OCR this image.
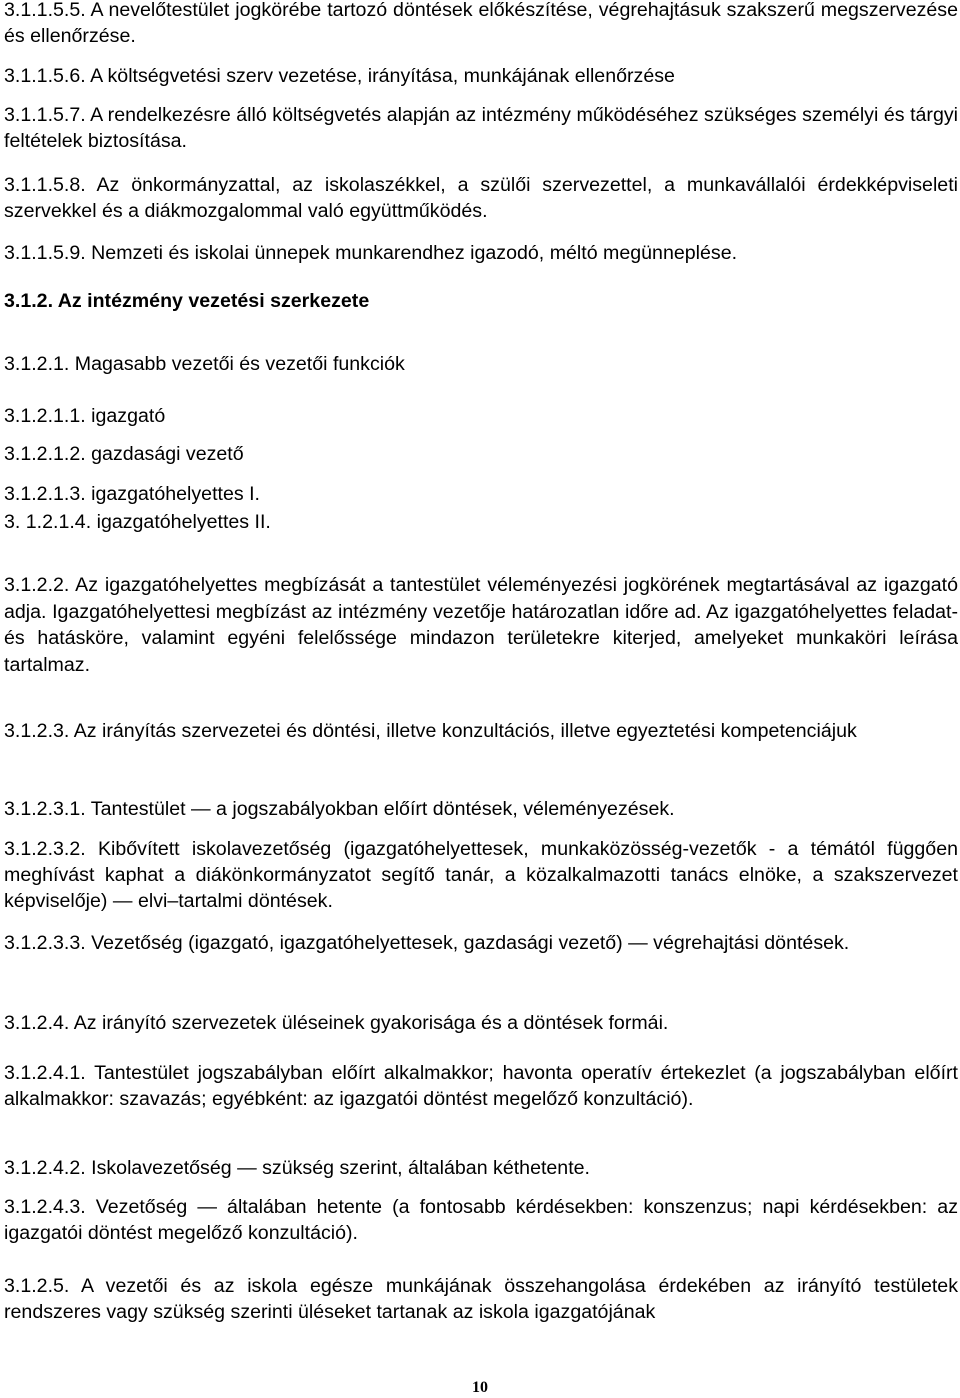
3.1.1.5.5. A nevelőtestület jogkörébe tartozó döntések előkészítése, végrehajtásuk szakszerű megszervezése és ellenőrzése.

3.1.1.5.6. A költségvetési szerv vezetése, irányítása, munkájának ellenőrzése

3.1.1.5.7. A rendelkezésre álló költségvetés alapján az intézmény működéséhez szükséges személyi és tárgyi feltételek biztosítása.

3.1.1.5.8. Az önkormányzattal, az iskolaszékkel, a szülői szervezettel, a munkavállalói érdekképviseleti szervekkel és a diákmozgalommal való együttműködés.

3.1.1.5.9. Nemzeti és iskolai ünnepek munkarendhez igazodó, méltó megünneplése.

3.1.2. Az intézmény vezetési szerkezete

3.1.2.1. Magasabb vezetői és vezetői funkciók

3.1.2.1.1. igazgató

3.1.2.1.2. gazdasági vezető

3.1.2.1.3. igazgatóhelyettes I.

3. 1.2.1.4. igazgatóhelyettes II.

3.1.2.2. Az igazgatóhelyettes megbízását a tantestület véleményezési jogkörének megtartásával az igazgató adja. Igazgatóhelyettesi megbízást az intézmény vezetője határozatlan időre ad. Az igazgatóhelyettes feladat- és hatásköre, valamint egyéni felelőssége mindazon területekre kiterjed, amelyeket munkaköri leírása tartalmaz.

3.1.2.3. Az irányítás szervezetei és döntési, illetve konzultációs, illetve egyeztetési kompetenciájuk

3.1.2.3.1. Tantestület — a jogszabályokban előírt döntések, véleményezések.

3.1.2.3.2. Kibővített iskolavezetőség (igazgatóhelyettesek, munkaközösség-vezetők - a témától függően meghívást kaphat a diákönkormányzatot segítő tanár, a közalkalmazotti tanács elnöke, a szakszervezet képviselője) — elvi–tartalmi döntések.

3.1.2.3.3. Vezetőség (igazgató, igazgatóhelyettesek, gazdasági vezető) — végrehajtási döntések.

3.1.2.4. Az irányító szervezetek üléseinek gyakorisága és a döntések formái.

3.1.2.4.1. Tantestület jogszabályban előírt alkalmakkor; havonta operatív értekezlet (a jogszabályban előírt alkalmakkor: szavazás; egyébként: az igazgatói döntést megelőző konzultáció).

3.1.2.4.2. Iskolavezetőség — szükség szerint, általában kéthetente.

3.1.2.4.3. Vezetőség — általában hetente (a fontosabb kérdésekben: konszenzus; napi kérdésekben: az igazgatói döntést megelőző konzultáció).

3.1.2.5. A vezetői és az iskola egésze munkájának összehangolása érdekében az irányító testületek rendszeres vagy szükség szerinti üléseket tartanak az iskola igazgatójának

10
